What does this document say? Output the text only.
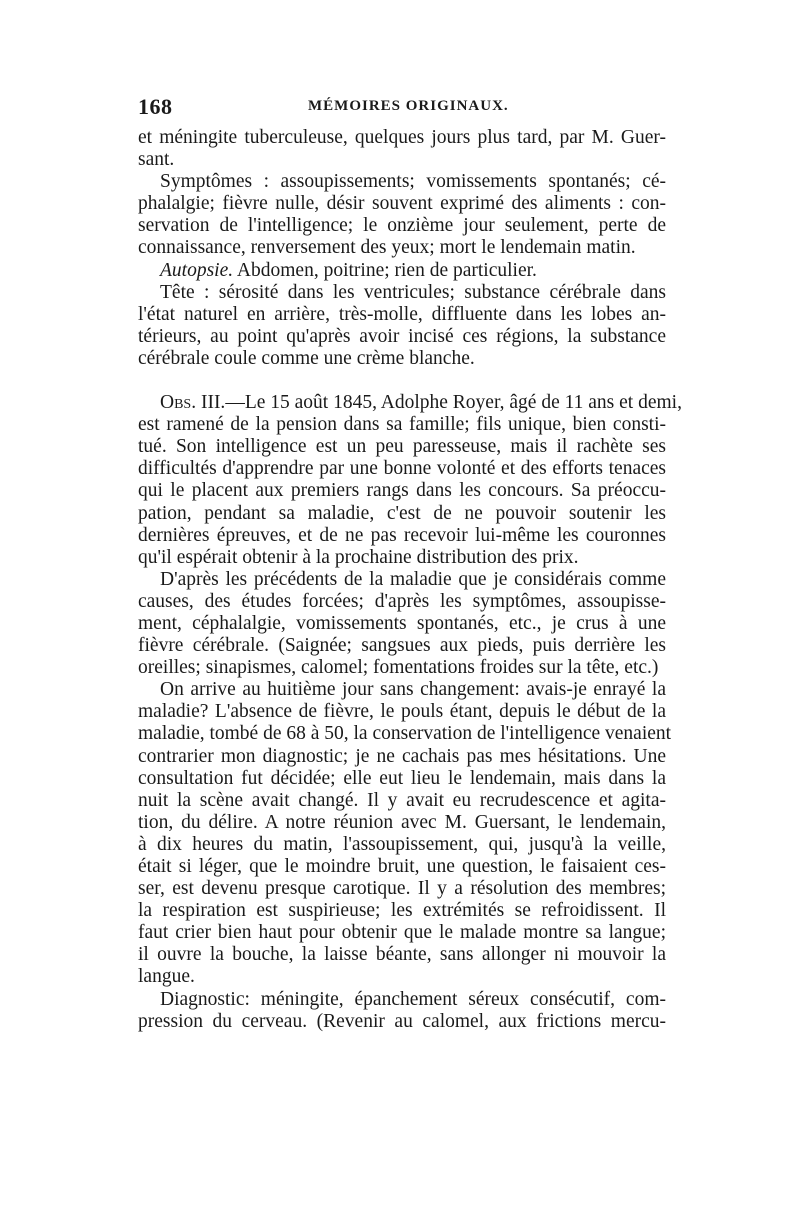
168	MÉMOIRES ORIGINAUX.
et méningite tuberculeuse, quelques jours plus tard, par M. Guer-
sant.
Symptômes : assoupissements; vomissements spontanés; cé-
phalalgie; fièvre nulle, désir souvent exprimé des aliments : con-
servation de l'intelligence; le onzième jour seulement, perte de
connaissance, renversement des yeux; mort le lendemain matin.
Autopsie. Abdomen, poitrine; rien de particulier.
Tête : sérosité dans les ventricules; substance cérébrale dans
l'état naturel en arrière, très-molle, diffluente dans les lobes an-
térieurs, au point qu'après avoir incisé ces régions, la substance
cérébrale coule comme une crème blanche.
Obs. III.—Le 15 août 1845, Adolphe Royer, âgé de 11 ans et demi,
est ramené de la pension dans sa famille; fils unique, bien consti-
tué. Son intelligence est un peu paresseuse, mais il rachète ses
difficultés d'apprendre par une bonne volonté et des efforts tenaces
qui le placent aux premiers rangs dans les concours. Sa préoccu-
pation, pendant sa maladie, c'est de ne pouvoir soutenir les
dernières épreuves, et de ne pas recevoir lui-même les couronnes
qu'il espérait obtenir à la prochaine distribution des prix.
D'après les précédents de la maladie que je considérais comme
causes, des études forcées; d'après les symptômes, assoupisse-
ment, céphalalgie, vomissements spontanés, etc., je crus à une
fièvre cérébrale. (Saignée; sangsues aux pieds, puis derrière les
oreilles; sinapismes, calomel; fomentations froides sur la tête, etc.)
On arrive au huitième jour sans changement: avais-je enrayé la
maladie? L'absence de fièvre, le pouls étant, depuis le début de la
maladie, tombé de 68 à 50, la conservation de l'intelligence venaient
contrarier mon diagnostic; je ne cachais pas mes hésitations. Une
consultation fut décidée; elle eut lieu le lendemain, mais dans la
nuit la scène avait changé. Il y avait eu recrudescence et agita-
tion, du délire. A notre réunion avec M. Guersant, le lendemain,
à dix heures du matin, l'assoupissement, qui, jusqu'à la veille,
était si léger, que le moindre bruit, une question, le faisaient ces-
ser, est devenu presque carotique. Il y a résolution des membres;
la respiration est suspirieuse; les extrémités se refroidissent. Il
faut crier bien haut pour obtenir que le malade montre sa langue;
il ouvre la bouche, la laisse béante, sans allonger ni mouvoir la
langue.
Diagnostic: méningite, épanchement séreux consécutif, com-
pression du cerveau. (Revenir au calomel, aux frictions mercu-
